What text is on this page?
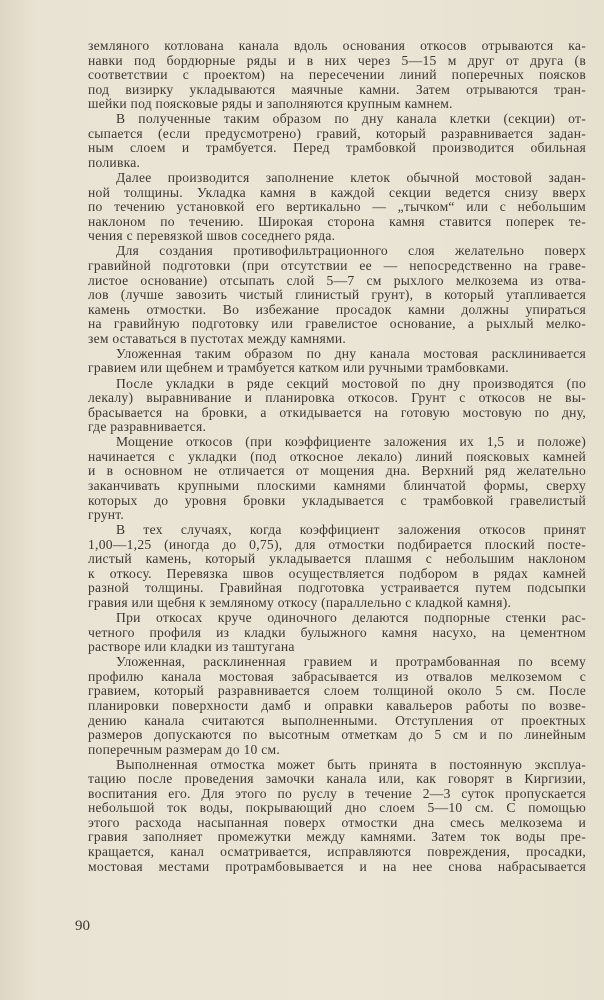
земляного котлована канала вдоль основания откосов отрываются ка-
навки под бордюрные ряды и в них через 5—15 м друг от друга (в
соответствии с проектом) на пересечении линий поперечных поясков
под визирку укладываются маячные камни. Затем отрываются тран-
шейки под поясковые ряды и заполняются крупным камнем.
В полученные таким образом по дну канала клетки (секции) от-
сыпается (если предусмотрено) гравий, который разравнивается задан-
ным слоем и трамбуется. Перед трамбовкой производится обильная
поливка.
Далее производится заполнение клеток обычной мостовой задан-
ной толщины. Укладка камня в каждой секции ведется снизу вверх
по течению установкой его вертикально — „тычком“ или с небольшим
наклоном по течению. Широкая сторона камня ставится поперек те-
чения с перевязкой швов соседнего ряда.
Для создания противофильтрационного слоя желательно поверх
гравийной подготовки (при отсутствии ее — непосредственно на граве-
листое основание) отсыпать слой 5—7 см рыхлого мелкозема из отва-
лов (лучше завозить чистый глинистый грунт), в который утапливается
камень отмостки. Во избежание просадок камни должны упираться
на гравийную подготовку или гравелистое основание, а рыхлый мелко-
зем оставаться в пустотах между камнями.
Уложенная таким образом по дну канала мостовая расклинивается
гравием или щебнем и трамбуется катком или ручными трамбовками.
После укладки в ряде секций мостовой по дну производятся (по
лекалу) выравнивание и планировка откосов. Грунт с откосов не вы-
брасывается на бровки, а откидывается на готовую мостовую по дну,
где разравнивается.
Мощение откосов (при коэффициенте заложения их 1,5 и положе)
начинается с укладки (под откосное лекало) линий поясковых камней
и в основном не отличается от мощения дна. Верхний ряд желательно
заканчивать крупными плоскими камнями блинчатой формы, сверху
которых до уровня бровки укладывается с трамбовкой гравелистый
грунт.
В тех случаях, когда коэффициент заложения откосов принят
1,00—1,25 (иногда до 0,75), для отмостки подбирается плоский посте-
листый камень, который укладывается плашмя с небольшим наклоном
к откосу. Перевязка швов осуществляется подбором в рядах камней
разной толщины. Гравийная подготовка устраивается путем подсыпки
гравия или щебня к земляному откосу (параллельно с кладкой камня).
При откосах круче одиночного делаются подпорные стенки рас-
четного профиля из кладки булыжного камня насухо, на цементном
растворе или кладки из таштугана
Уложенная, расклиненная гравием и протрамбованная по всему
профилю канала мостовая забрасывается из отвалов мелкоземом с
гравием, который разравнивается слоем толщиной около 5 см. После
планировки поверхности дамб и оправки кавальеров работы по возве-
дению канала считаются выполненными. Отступления от проектных
размеров допускаются по высотным отметкам до 5 см и по линейным
поперечным размерам до 10 см.
Выполненная отмостка может быть принята в постоянную эксплуа-
тацию после проведения замочки канала или, как говорят в Киргизии,
воспитания его. Для этого по руслу в течение 2—3 суток пропускается
небольшой ток воды, покрывающий дно слоем 5—10 см. С помощью
этого расхода насыпанная поверх отмостки дна смесь мелкозема и
гравия заполняет промежутки между камнями. Затем ток воды пре-
кращается, канал осматривается, исправляются повреждения, просадки,
мостовая местами протрамбовывается и на нее снова набрасывается
90
